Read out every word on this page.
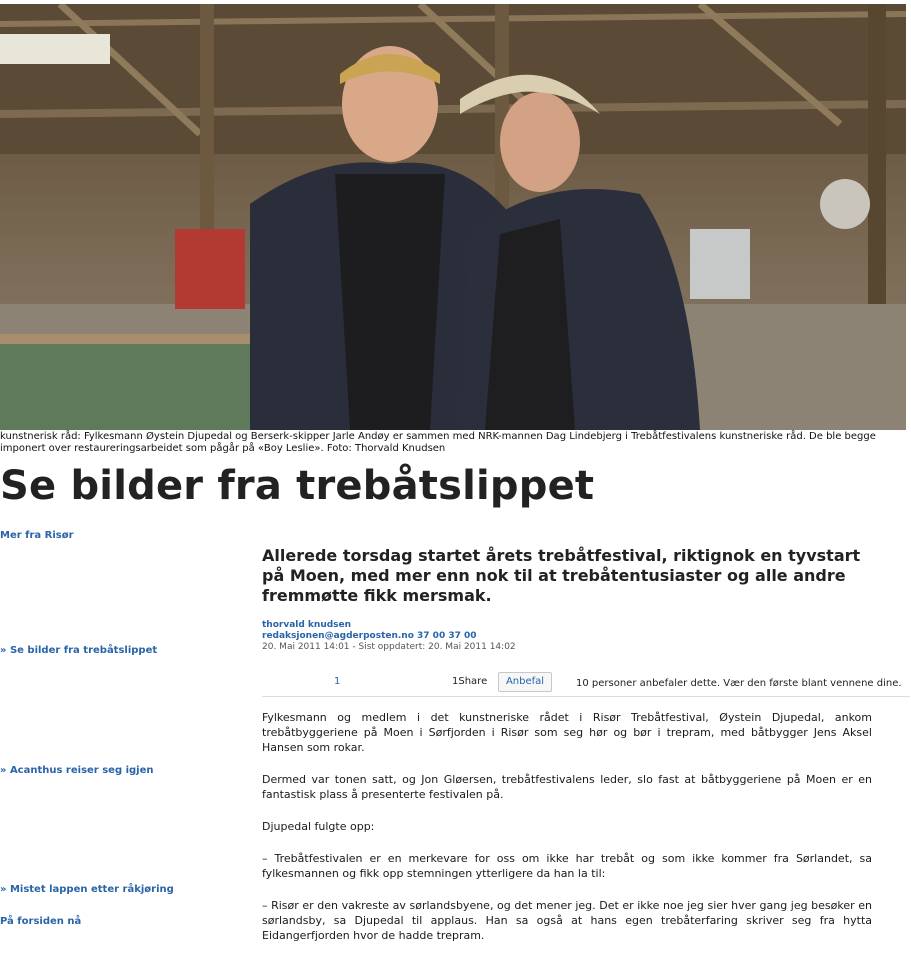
kunstnerisk råd: Fylkesmann Øystein Djupedal og Berserk-skipper Jarle Andøy er sammen med NRK-mannen Dag Lindebjerg i Trebåtfestivalens kunstneriske råd. De ble begge imponert over restaureringsarbeidet som pågår på «Boy Leslie». Foto: Thorvald Knudsen
Se bilder fra trebåtslippet
Mer fra Risør
» Se bilder fra trebåtslippet
» Acanthus reiser seg igjen
» Mistet lappen etter råkjøring
På forsiden nå
Allerede torsdag startet årets trebåtfestival, riktignok en tyvstart på Moen, med mer enn nok til at trebåtentusiaster og alle andre fremmøtte fikk mersmak.
thorvald knudsen
redaksjonen@agderposten.no 37 00 37 00
20. Mai 2011 14:01 - Sist oppdatert: 20. Mai 2011 14:02
1	1Share	Anbefal	10 personer anbefaler dette. Vær den første blant vennene dine.

Fylkesmann og medlem i det kunstneriske rådet i Risør Trebåtfestival, Øystein Djupedal, ankom trebåtbyggeriene på Moen i Sørfjorden i Risør som seg hør og bør i trepram, med båtbygger Jens Aksel Hansen som rokar.

Dermed var tonen satt, og Jon Gløersen, trebåtfestivalens leder, slo fast at båtbyggeriene på Moen er en fantastisk plass å presenterte festivalen på.

Djupedal fulgte opp:

– Trebåtfestivalen er en merkevare for oss om ikke har trebåt og som ikke kommer fra Sørlandet, sa fylkesmannen og fikk opp stemningen ytterligere da han la til:

– Risør er den vakreste av sørlandsbyene, og det mener jeg. Det er ikke noe jeg sier hver gang jeg besøker en sørlandsby, sa Djupedal til applaus. Han sa også at hans egen trebåterfaring skriver seg fra hytta Eidangerfjorden hvor de hadde trepram.
